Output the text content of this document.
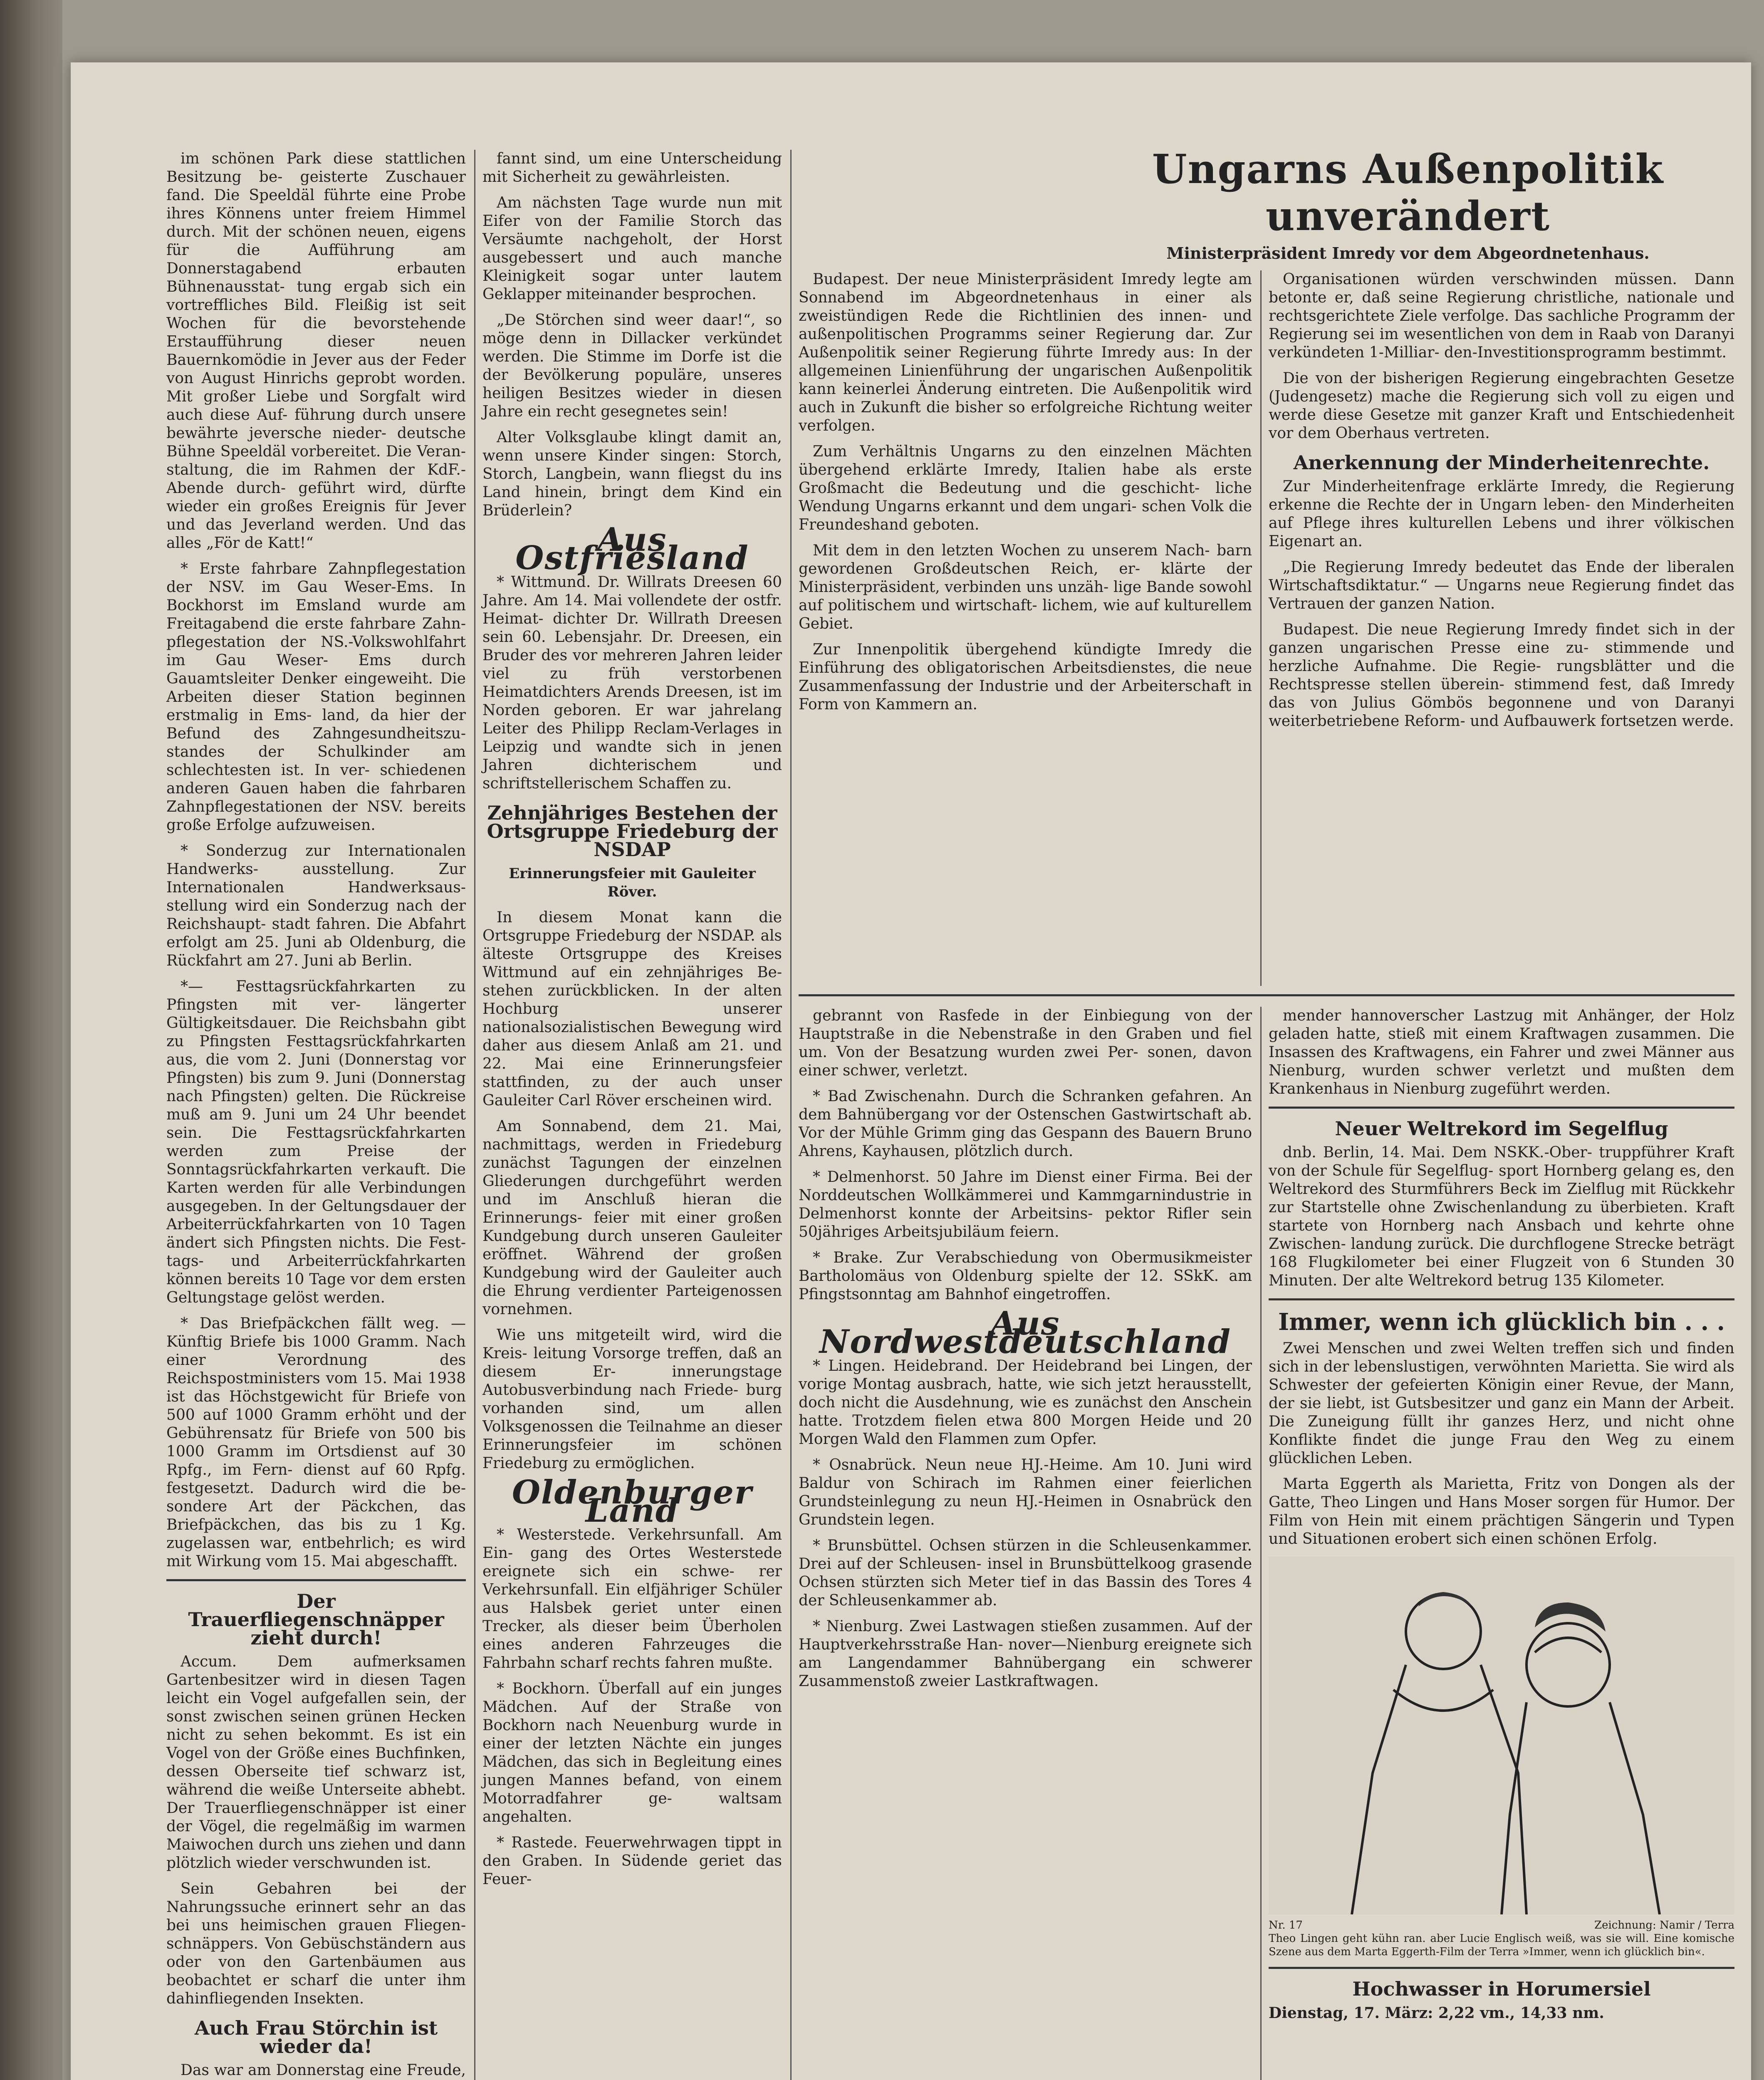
im schönen Park diese stattlichen Besitzung be- geisterte Zuschauer fand. Die Speeldäl führte eine Probe ihres Könnens unter freiem Himmel durch. Mit der schönen neuen, eigens für die Aufführung am Donnerstagabend erbauten Bühnenausstat- tung ergab sich ein vortreffliches Bild. Fleißig ist seit Wochen für die bevorstehende Erstaufführung dieser neuen Bauernkomödie in Jever aus der Feder von August Hinrichs geprobt worden. Mit großer Liebe und Sorgfalt wird auch diese Auf- führung durch unsere bewährte jeversche nieder- deutsche Bühne Speeldäl vorbereitet. Die Veran- staltung, die im Rahmen der KdF.-Abende durch- geführt wird, dürfte wieder ein großes Ereignis für Jever und das Jeverland werden. Und das alles „För de Katt!“

* Erste fahrbare Zahnpflegestation der NSV. im Gau Weser-Ems. In Bockhorst im Emsland wurde am Freitagabend die erste fahrbare Zahn- pflegestation der NS.-Volkswohlfahrt im Gau Weser- Ems durch Gauamtsleiter Denker eingeweiht. Die Arbeiten dieser Station beginnen erstmalig in Ems- land, da hier der Befund des Zahngesundheitszu- standes der Schulkinder am schlechtesten ist. In ver- schiedenen anderen Gauen haben die fahrbaren Zahnpflegestationen der NSV. bereits große Erfolge aufzuweisen.

* Sonderzug zur Internationalen Handwerks- ausstellung. Zur Internationalen Handwerksaus- stellung wird ein Sonderzug nach der Reichshaupt- stadt fahren. Die Abfahrt erfolgt am 25. Juni ab Oldenburg, die Rückfahrt am 27. Juni ab Berlin.

*— Festtagsrückfahrkarten zu Pfingsten mit ver- längerter Gültigkeitsdauer. Die Reichsbahn gibt zu Pfingsten Festtagsrückfahrkarten aus, die vom 2. Juni (Donnerstag vor Pfingsten) bis zum 9. Juni (Donnerstag nach Pfingsten) gelten. Die Rückreise muß am 9. Juni um 24 Uhr beendet sein. Die Festtagsrückfahrkarten werden zum Preise der Sonntagsrückfahrkarten verkauft. Die Karten werden für alle Verbindungen ausgegeben. In der Geltungsdauer der Arbeiterrückfahrkarten von 10 Tagen ändert sich Pfingsten nichts. Die Fest- tags- und Arbeiterrückfahrkarten können bereits 10 Tage vor dem ersten Geltungstage gelöst werden.

* Das Briefpäckchen fällt weg. — Künftig Briefe bis 1000 Gramm. Nach einer Verordnung des Reichspostministers vom 15. Mai 1938 ist das Höchstgewicht für Briefe von 500 auf 1000 Gramm erhöht und der Gebührensatz für Briefe von 500 bis 1000 Gramm im Ortsdienst auf 30 Rpfg., im Fern- dienst auf 60 Rpfg. festgesetzt. Dadurch wird die be- sondere Art der Päckchen, das Briefpäckchen, das bis zu 1 Kg. zugelassen war, entbehrlich; es wird mit Wirkung vom 15. Mai abgeschafft.

Der Trauerfliegenschnäpper zieht durch!

Accum. Dem aufmerksamen Gartenbesitzer wird in diesen Tagen leicht ein Vogel aufgefallen sein, der sonst zwischen seinen grünen Hecken nicht zu sehen bekommt. Es ist ein Vogel von der Größe eines Buchfinken, dessen Oberseite tief schwarz ist, während die weiße Unterseite abhebt. Der Trauerfliegenschnäpper ist einer der Vögel, die regelmäßig im warmen Maiwochen durch uns ziehen und dann plötzlich wieder verschwunden ist.

Sein Gebahren bei der Nahrungssuche erinnert sehr an das bei uns heimischen grauen Fliegen- schnäppers. Von Gebüschständern aus oder von den Gartenbäumen aus beobachtet er scharf die unter ihm dahinfliegenden Insekten.

Auch Frau Störchin ist wieder da!

Das war am Donnerstag eine Freude,

fannt sind, um eine Unterscheidung mit Sicherheit zu gewährleisten.

Am nächsten Tage wurde nun mit Eifer von der Familie Storch das Versäumte nachgeholt, der Horst ausgebessert und auch manche Kleinigkeit sogar unter lautem Geklapper miteinander besprochen.

„De Störchen sind weer daar!“, so möge denn in Dillacker verkündet werden. Die Stimme im Dorfe ist die der Bevölkerung populäre, unseres heiligen Besitzes wieder in diesen Jahre ein recht gesegnetes sein!

Alter Volksglaube klingt damit an, wenn unsere Kinder singen: Storch, Storch, Langbein, wann fliegst du ins Land hinein, bringt dem Kind ein Brüderlein?

Aus Ostfriesland

* Wittmund. Dr. Willrats Dreesen 60 Jahre. Am 14. Mai vollendete der ostfr. Heimat- dichter Dr. Willrath Dreesen sein 60. Lebensjahr. Dr. Dreesen, ein Bruder des vor mehreren Jahren leider viel zu früh verstorbenen Heimatdichters Arends Dreesen, ist im Norden geboren. Er war jahrelang Leiter des Philipp Reclam-Verlages in Leipzig und wandte sich in jenen Jahren dichterischem und schriftstellerischem Schaffen zu.

Zehnjähriges Bestehen der Ortsgruppe Friedeburg der NSDAP
Erinnerungsfeier mit Gauleiter Röver.

In diesem Monat kann die Ortsgruppe Friedeburg der NSDAP. als älteste Ortsgruppe des Kreises Wittmund auf ein zehnjähriges Be- stehen zurückblicken. In der alten Hochburg unserer nationalsozialistischen Bewegung wird daher aus diesem Anlaß am 21. und 22. Mai eine Erinnerungsfeier stattfinden, zu der auch unser Gauleiter Carl Röver erscheinen wird.

Am Sonnabend, dem 21. Mai, nachmittags, werden in Friedeburg zunächst Tagungen der einzelnen Gliederungen durchgeführt werden und im Anschluß hieran die Erinnerungs- feier mit einer großen Kundgebung durch unseren Gauleiter eröffnet. Während der großen Kundgebung wird der Gauleiter auch die Ehrung verdienter Parteigenossen vornehmen.

Wie uns mitgeteilt wird, wird die Kreis- leitung Vorsorge treffen, daß an diesem Er- innerungstage Autobusverbindung nach Friede- burg vorhanden sind, um allen Volksgenossen die Teilnahme an dieser Erinnerungsfeier im schönen Friedeburg zu ermöglichen.

Oldenburger Land

* Westerstede. Verkehrsunfall. Am Ein- gang des Ortes Westerstede ereignete sich ein schwe- rer Verkehrsunfall. Ein elfjähriger Schüler aus Halsbek geriet unter einen Trecker, als dieser beim Überholen eines anderen Fahrzeuges die Fahrbahn scharf rechts fahren mußte.

* Bockhorn. Überfall auf ein junges Mädchen. Auf der Straße von Bockhorn nach Neuenburg wurde in einer der letzten Nächte ein junges Mädchen, das sich in Begleitung eines jungen Mannes befand, von einem Motorradfahrer ge- waltsam angehalten.

* Rastede. Feuerwehrwagen tippt in den Graben. In Südende geriet das Feuer-

Ungarns Außenpolitik unverändert
Ministerpräsident Imredy vor dem Abgeordnetenhaus.

Budapest. Der neue Ministerpräsident Imredy legte am Sonnabend im Abgeordnetenhaus in einer als zweistündigen Rede die Richtlinien des innen- und außenpolitischen Programms seiner Regierung dar. Zur Außenpolitik seiner Regierung führte Imredy aus: In der allgemeinen Linienführung der ungarischen Außenpolitik kann keinerlei Änderung eintreten. Die Außenpolitik wird auch in Zukunft die bisher so erfolgreiche Richtung weiter verfolgen.

Zum Verhältnis Ungarns zu den einzelnen Mächten übergehend erklärte Imredy, Italien habe als erste Großmacht die Bedeutung und die geschicht- liche Wendung Ungarns erkannt und dem ungari- schen Volk die Freundeshand geboten.

Mit dem in den letzten Wochen zu unserem Nach- barn gewordenen Großdeutschen Reich, er- klärte der Ministerpräsident, verbinden uns unzäh- lige Bande sowohl auf politischem und wirtschaft- lichem, wie auf kulturellem Gebiet.

Zur Innenpolitik übergehend kündigte Imredy die Einführung des obligatorischen Arbeitsdienstes, die neue Zusammenfassung der Industrie und der Arbeiterschaft in Form von Kammern an.

Organisationen würden verschwinden müssen. Dann betonte er, daß seine Regierung christliche, nationale und rechtsgerichtete Ziele verfolge. Das sachliche Programm der Regierung sei im wesentlichen von dem in Raab von Daranyi verkündeten 1-Milliar- den-Investitionsprogramm bestimmt.

Die von der bisherigen Regierung eingebrachten Gesetze (Judengesetz) mache die Regierung sich voll zu eigen und werde diese Gesetze mit ganzer Kraft und Entschiedenheit vor dem Oberhaus vertreten.

Anerkennung der Minderheitenrechte.

Zur Minderheitenfrage erklärte Imredy, die Regierung erkenne die Rechte der in Ungarn leben- den Minderheiten auf Pflege ihres kulturellen Lebens und ihrer völkischen Eigenart an.

„Die Regierung Imredy bedeutet das Ende der liberalen Wirtschaftsdiktatur.“ — Ungarns neue Regierung findet das Vertrauen der ganzen Nation.

Budapest. Die neue Regierung Imredy findet sich in der ganzen ungarischen Presse eine zu- stimmende und herzliche Aufnahme. Die Regie- rungsblätter und die Rechtspresse stellen überein- stimmend fest, daß Imredy das von Julius Gömbös begonnene und von Daranyi weiterbetriebene Reform- und Aufbauwerk fortsetzen werde.

gebrannt von Rasfede in der Einbiegung von der Hauptstraße in die Nebenstraße in den Graben und fiel um. Von der Besatzung wurden zwei Per- sonen, davon einer schwer, verletzt.

* Bad Zwischenahn. Durch die Schranken gefahren. An dem Bahnübergang vor der Ostenschen Gastwirtschaft ab. Vor der Mühle Grimm ging das Gespann des Bauern Bruno Ahrens, Kayhausen, plötzlich durch.

* Delmenhorst. 50 Jahre im Dienst einer Firma. Bei der Norddeutschen Wollkämmerei und Kammgarnindustrie in Delmenhorst konnte der Arbeitsins- pektor Rifler sein 50jähriges Arbeitsjubiläum feiern.

* Brake. Zur Verabschiedung von Obermusikmeister Bartholomäus von Oldenburg spielte der 12. SSkK. am Pfingstsonntag am Bahnhof eingetroffen.

Aus Nordwestdeutschland

* Lingen. Heidebrand. Der Heidebrand bei Lingen, der vorige Montag ausbrach, hatte, wie sich jetzt herausstellt, doch nicht die Ausdehnung, wie es zunächst den Anschein hatte. Trotzdem fielen etwa 800 Morgen Heide und 20 Morgen Wald den Flammen zum Opfer.

* Osnabrück. Neun neue HJ.-Heime. Am 10. Juni wird Baldur von Schirach im Rahmen einer feierlichen Grundsteinlegung zu neun HJ.-Heimen in Osnabrück den Grundstein legen.

* Brunsbüttel. Ochsen stürzen in die Schleusenkammer. Drei auf der Schleusen- insel in Brunsbüttelkoog grasende Ochsen stürzten sich Meter tief in das Bassin des Tores 4 der Schleusenkammer ab.

* Nienburg. Zwei Lastwagen stießen zusammen. Auf der Hauptverkehrsstraße Han- nover—Nienburg ereignete sich am Langendammer Bahnübergang ein schwerer Zusammenstoß zweier Lastkraftwagen.

mender hannoverscher Lastzug mit Anhänger, der Holz geladen hatte, stieß mit einem Kraftwagen zusammen. Die Insassen des Kraftwagens, ein Fahrer und zwei Männer aus Nienburg, wurden schwer verletzt und mußten dem Krankenhaus in Nienburg zugeführt werden.

Neuer Weltrekord im Segelflug

dnb. Berlin, 14. Mai. Dem NSKK.-Ober- truppführer Kraft von der Schule für Segelflug- sport Hornberg gelang es, den Weltrekord des Sturmführers Beck im Zielflug mit Rückkehr zur Startstelle ohne Zwischenlandung zu überbieten. Kraft startete von Hornberg nach Ansbach und kehrte ohne Zwischen- landung zurück. Die durchflogene Strecke beträgt 168 Flugkilometer bei einer Flugzeit von 6 Stunden 30 Minuten. Der alte Weltrekord betrug 135 Kilometer.

Immer, wenn ich glücklich bin . . .

Zwei Menschen und zwei Welten treffen sich und finden sich in der lebenslustigen, verwöhnten Marietta. Sie wird als Schwester der gefeierten Königin einer Revue, der Mann, der sie liebt, ist Gutsbesitzer und ganz ein Mann der Arbeit. Die Zuneigung füllt ihr ganzes Herz, und nicht ohne Konflikte findet die junge Frau den Weg zu einem glücklichen Leben.

Marta Eggerth als Marietta, Fritz von Dongen als der Gatte, Theo Lingen und Hans Moser sorgen für Humor. Der Film von Hein mit einem prächtigen Sängerin und Typen und Situationen erobert sich einen schönen Erfolg.

Nr. 17	Zeichnung: Namir / Terra
Theo Lingen geht kühn ran. aber Lucie Englisch weiß, was sie will. Eine komische Szene aus dem Marta Eggerth-Film der Terra »Immer, wenn ich glücklich bin«.
Hochwasser in Horumersiel
Dienstag, 17. März: 2,22 vm., 14,33 nm.
